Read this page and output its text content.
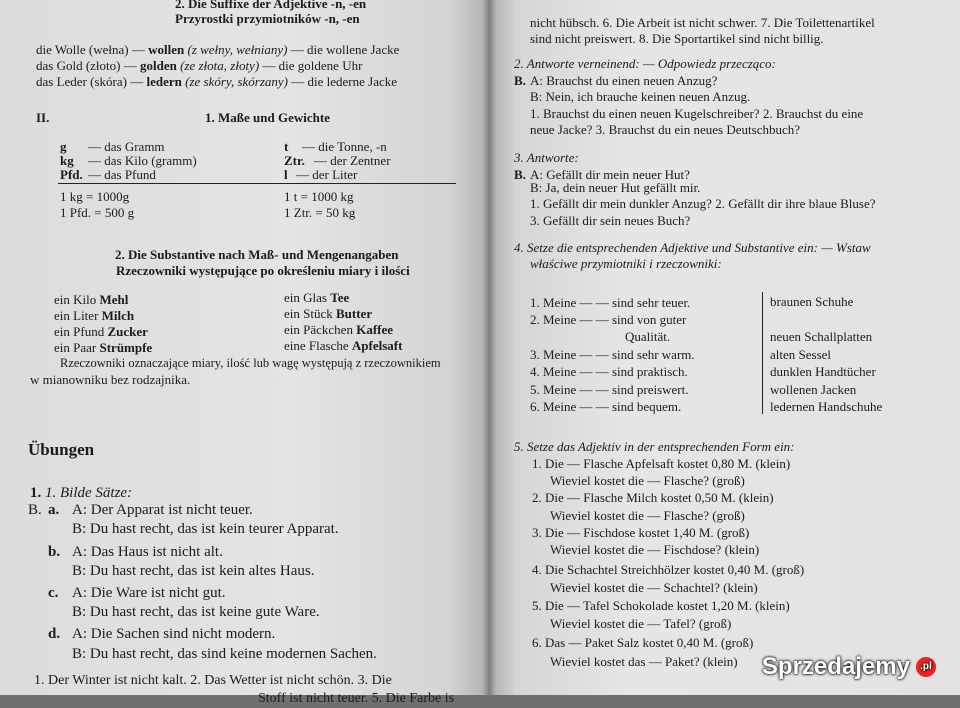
2. Die Suffixe der Adjektive -n, -en
Przyrostki przymiotników -n, -en
die Wolle (wełna) — wollen (z wełny, wełniany) — die wollene Jacke
das Gold (złoto) — golden (ze złota, złoty) — die goldene Uhr
das Leder (skóra) — ledern (ze skóry, skórzany) — die lederne Jacke
II.	1. Maße und Gewichte
g — das Gramm
kg — das Kilo (gramm)
Pfd. — das Pfund
t — die Tonne, -n
Ztr. — der Zentner
l — der Liter
1 kg = 1000g
1 Pfd. = 500 g
1 t = 1000 kg
1 Ztr. = 50 kg
2. Die Substantive nach Maß- und Mengenangaben
Rzeczowniki występujące po określeniu miary i ilości
ein Kilo Mehl
ein Liter Milch
ein Pfund Zucker
ein Paar Strümpfe
ein Glas Tee
ein Stück Butter
ein Päckchen Kaffee
eine Flasche Apfelsaft
Rzeczowniki oznaczające miary, ilość lub wagę występują z rzeczownikiem
w mianowniku bez rodzajnika.
Übungen
1. 1. Bilde Sätze:
B. a. A: Der Apparat ist nicht teuer.
B: Du hast recht, das ist kein teurer Apparat.
b. A: Das Haus ist nicht alt.
B: Du hast recht, das ist kein altes Haus.
c. A: Die Ware ist nicht gut.
B: Du hast recht, das ist keine gute Ware.
d. A: Die Sachen sind nicht modern.
B: Du hast recht, das sind keine modernen Sachen.
1. Der Winter ist nicht kalt. 2. Das Wetter ist nicht schön. 3. Die
Stoff ist nicht teuer. 5. Die Farbe is
nicht hübsch. 6. Die Arbeit ist nicht schwer. 7. Die Toilettenartikel
sind nicht preiswert. 8. Die Sportartikel sind nicht billig.
2. Antworte verneinend: — Odpowiedz przecząco:
B. A: Brauchst du einen neuen Anzug?
B: Nein, ich brauche keinen neuen Anzug.
1. Brauchst du einen neuen Kugelschreiber? 2. Brauchst du eine
neue Jacke? 3. Brauchst du ein neues Deutschbuch?
3. Antworte:
B. A: Gefällt dir mein neuer Hut?
B: Ja, dein neuer Hut gefällt mir.
1. Gefällt dir mein dunkler Anzug? 2. Gefällt dir ihre blaue Bluse?
3. Gefällt dir sein neues Buch?
4. Setze die entsprechenden Adjektive und Substantive ein: — Wstaw
właściwe przymiotniki i rzeczowniki:
1. Meine — — sind sehr teuer.
2. Meine — — sind von guter
Qualität.
3. Meine — — sind sehr warm.
4. Meine — — sind praktisch.
5. Meine — — sind preiswert.
6. Meine — — sind bequem.
braunen Schuhe
neuen Schallplatten
alten Sessel
dunklen Handtücher
wollenen Jacken
ledernen Handschuhe
5. Setze das Adjektiv in der entsprechenden Form ein:
1. Die — Flasche Apfelsaft kostet 0,80 M. (klein)
Wieviel kostet die — Flasche? (groß)
2. Die — Flasche Milch kostet 0,50 M. (klein)
Wieviel kostet die — Flasche? (groß)
3. Die — Fischdose kostet 1,40 M. (groß)
Wieviel kostet die — Fischdose? (klein)
4. Die Schachtel Streichhölzer kostet 0,40 M. (groß)
Wieviel kostet die — Schachtel? (klein)
5. Die — Tafel Schokolade kostet 1,20 M. (klein)
Wieviel kostet die — Tafel? (groß)
6. Das — Paket Salz kostet 0,40 M. (groß)
Wieviel kostet das — Paket? (klein) Sprzedajemy	.pl
